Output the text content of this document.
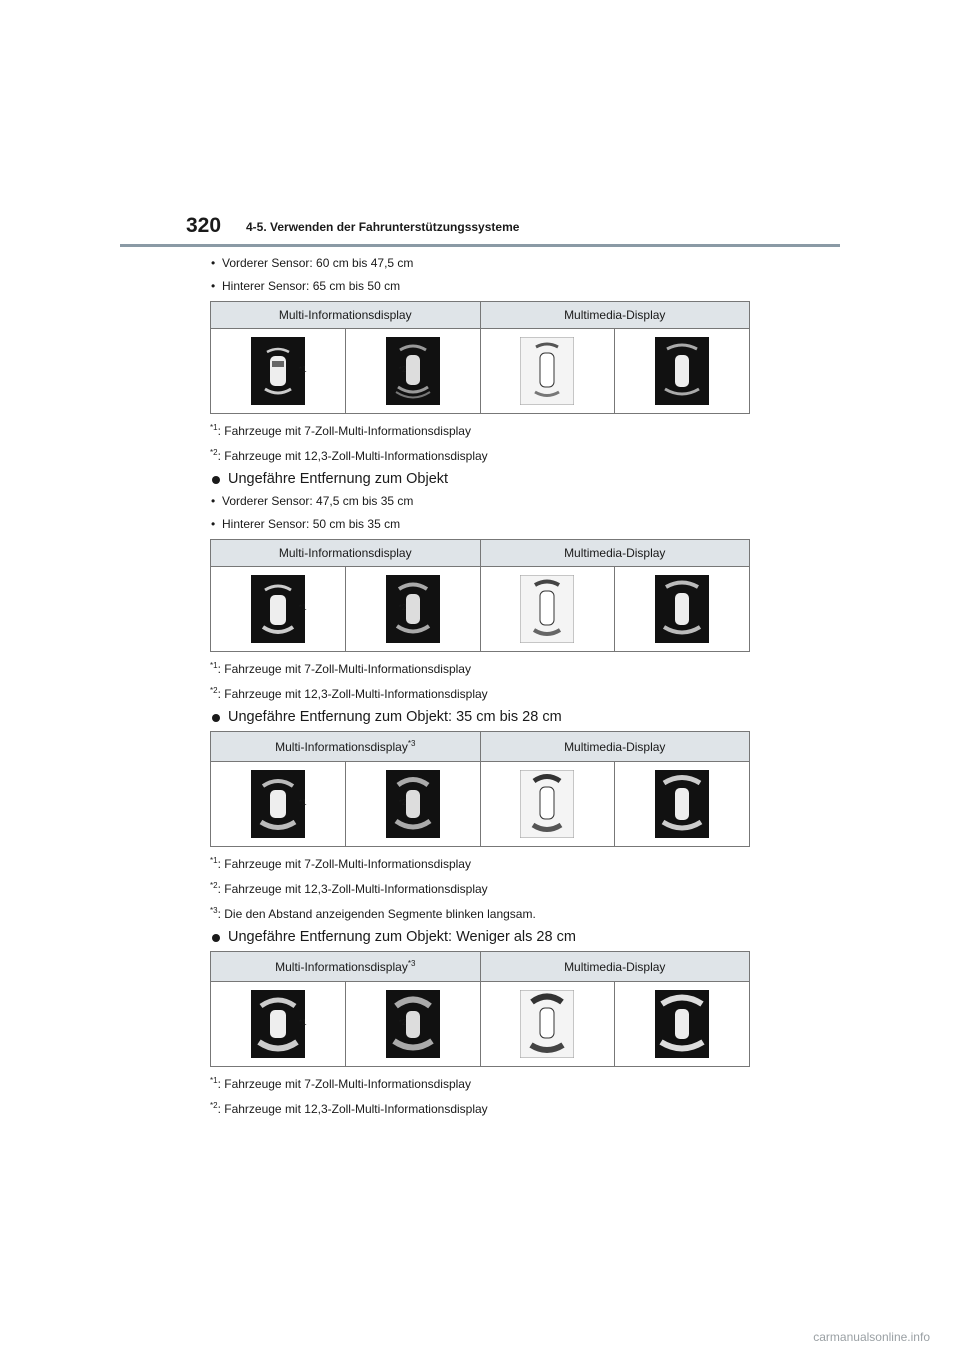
320 4-5. Verwenden der Fahrunterstützungssysteme
• Vorderer Sensor: 60 cm bis 47,5 cm
• Hinterer Sensor: 65 cm bis 50 cm
Multi-Informationsdisplay		Multimedia-Display	

*1	*2

$^{*1}$: Fahrzeuge mit 7-Zoll-Multi-Informationsdisplay
$^{*2}$: Fahrzeuge mit 12,3-Zoll-Multi-Informationsdisplay
Ungefähre Entfernung zum Objekt
• Vorderer Sensor: 47,5 cm bis 35 cm
• Hinterer Sensor: 50 cm bis 35 cm
Multi-Informationsdisplay		Multimedia-Display	

*1	*2

$^{*1}$: Fahrzeuge mit 7-Zoll-Multi-Informationsdisplay
$^{*2}$: Fahrzeuge mit 12,3-Zoll-Multi-Informationsdisplay
Ungefähre Entfernung zum Objekt: 35 cm bis 28 cm
Multi-Informationsdisplay$^{*3}$		Multimedia-Display	

*1	*2

$^{*1}$: Fahrzeuge mit 7-Zoll-Multi-Informationsdisplay
$^{*2}$: Fahrzeuge mit 12,3-Zoll-Multi-Informationsdisplay
$^{*3}$: Die den Abstand anzeigenden Segmente blinken langsam.
Ungefähre Entfernung zum Objekt: Weniger als 28 cm
Multi-Informationsdisplay$^{*3}$		Multimedia-Display	

*1	*2

$^{*1}$: Fahrzeuge mit 7-Zoll-Multi-Informationsdisplay
$^{*2}$: Fahrzeuge mit 12,3-Zoll-Multi-Informationsdisplay
carmanualsonline.info
